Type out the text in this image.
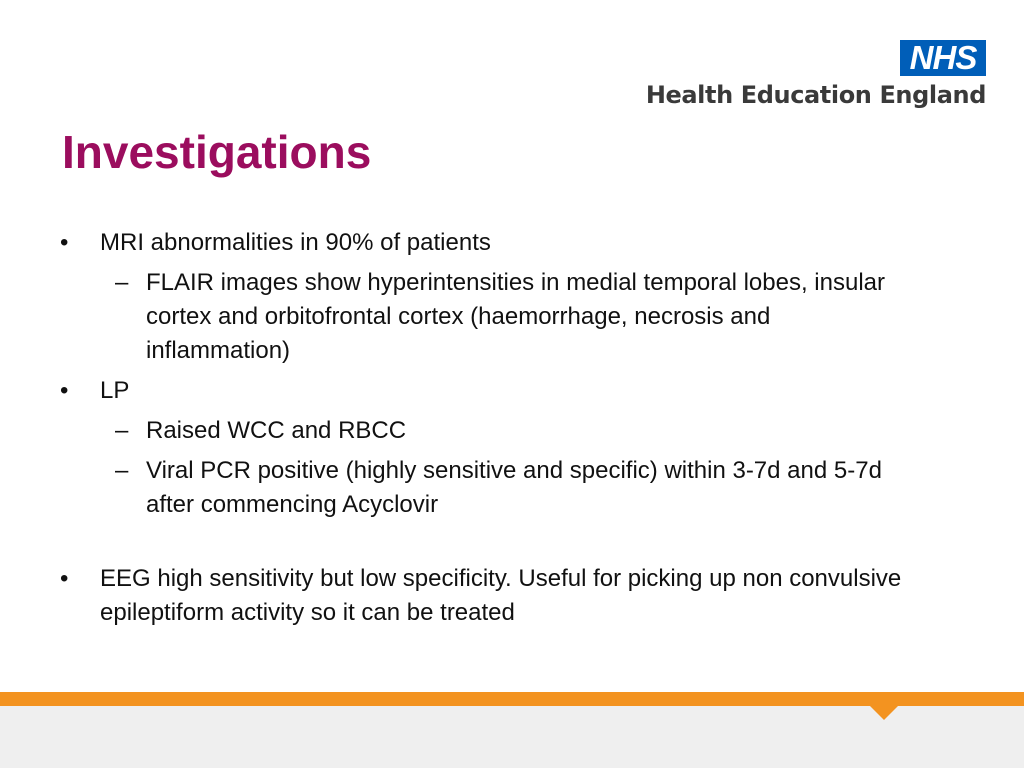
NHS
Health Education England
Investigations
• MRI abnormalities in 90% of patients
– FLAIR images show hyperintensities in medial temporal lobes, insular cortex and orbitofrontal cortex (haemorrhage, necrosis and inflammation)
• LP
– Raised WCC and RBCC
– Viral PCR positive (highly sensitive and specific) within 3-7d and 5-7d after commencing Acyclovir
• EEG high sensitivity but low specificity. Useful for picking up non convulsive epileptiform activity so it can be treated
